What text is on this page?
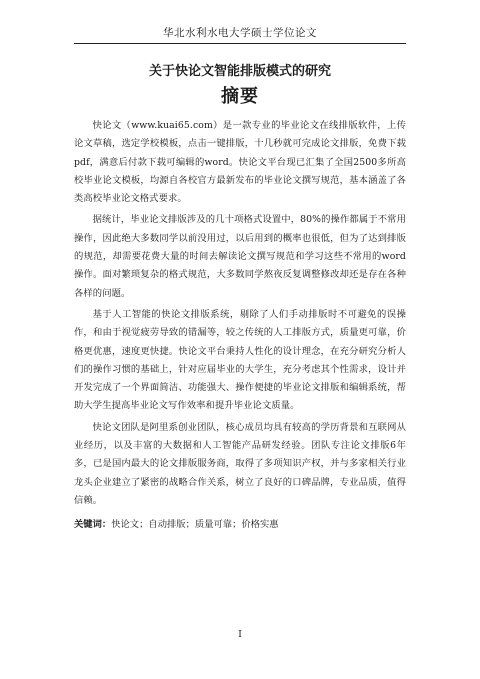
华北水利水电大学硕士学位论文
关于快论文智能排版模式的研究
摘要

快论文（www.kuai65.com）是一款专业的毕业论文在线排版软件，上传论文草稿，选定学校模板，点击一键排版，十几秒就可完成论文排版，免费下载pdf，满意后付款下载可编辑的word。快论文平台现已汇集了全国2500多所高校毕业论文模板，均源自各校官方最新发布的毕业论文撰写规范，基本涵盖了各类高校毕业论文格式要求。

据统计，毕业论文排版涉及的几十项格式设置中，80%的操作都属于不常用操作，因此绝大多数同学以前没用过，以后用到的概率也很低，但为了达到排版的规范，却需要花费大量的时间去解读论文撰写规范和学习这些不常用的word操作。面对繁琐复杂的格式规范，大多数同学熬夜反复调整修改却还是存在各种各样的问题。

基于人工智能的快论文排版系统，剔除了人们手动排版时不可避免的误操作，和由于视觉疲劳导致的错漏等，较之传统的人工排版方式，质量更可靠，价格更优惠，速度更快捷。快论文平台秉持人性化的设计理念，在充分研究分析人们的操作习惯的基础上，针对应届毕业的大学生，充分考虑其个性需求，设计并开发完成了一个界面简洁、功能强大、操作便捷的毕业论文排版和编辑系统，帮助大学生提高毕业论文写作效率和提升毕业论文质量。

快论文团队是阿里系创业团队，核心成员均具有较高的学历背景和互联网从业经历，以及丰富的大数据和人工智能产品研发经验。团队专注论文排版6年多，已是国内最大的论文排版服务商，取得了多项知识产权，并与多家相关行业龙头企业建立了紧密的战略合作关系，树立了良好的口碑品牌，专业品质，值得信赖。

关键词：快论文；自动排版；质量可靠；价格实惠
I
